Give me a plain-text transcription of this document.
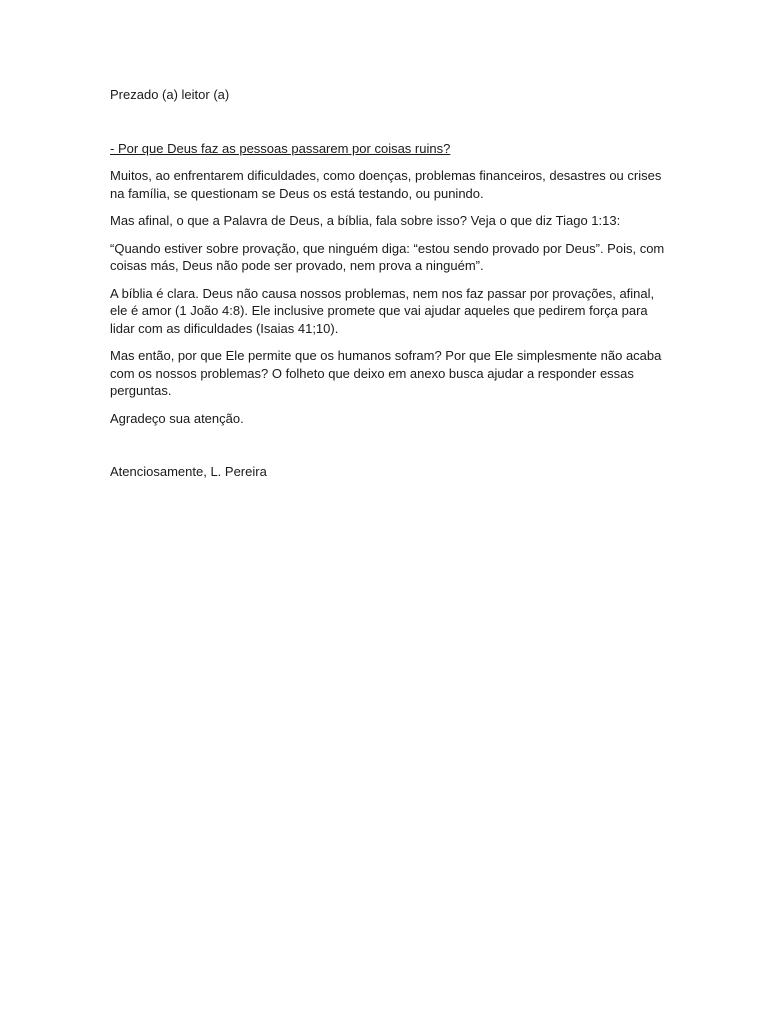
Prezado (a) leitor (a)

- Por que Deus faz as pessoas passarem por coisas ruins?

Muitos, ao enfrentarem dificuldades, como doenças, problemas financeiros, desastres ou crises na família, se questionam se Deus os está testando, ou punindo.

Mas afinal, o que a Palavra de Deus, a bíblia, fala sobre isso? Veja o que diz Tiago 1:13:

“Quando estiver sobre provação, que ninguém diga: “estou sendo provado por Deus”. Pois, com coisas más, Deus não pode ser provado, nem prova a ninguém”.

A bíblia é clara. Deus não causa nossos problemas, nem nos faz passar por provações, afinal, ele é amor (1 João 4:8). Ele inclusive promete que vai ajudar aqueles que pedirem força para lidar com as dificuldades (Isaias 41;10).

Mas então, por que Ele permite que os humanos sofram? Por que Ele simplesmente não acaba com os nossos problemas? O folheto que deixo em anexo busca ajudar a responder essas perguntas.

Agradeço sua atenção.

Atenciosamente, L. Pereira
